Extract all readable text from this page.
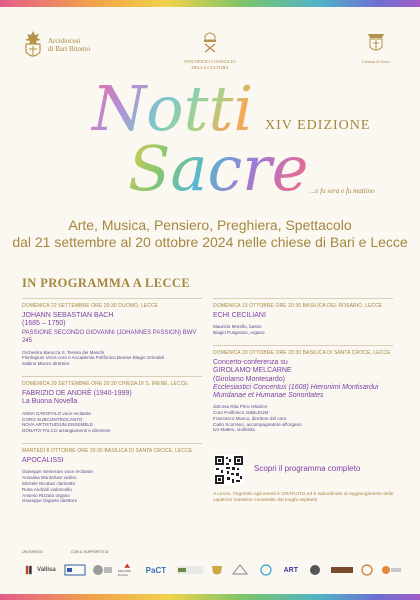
Arcidiocesi
di Bari Bitonto
PONTIFICIO CONSIGLIO
DELLA CULTURA
Cresima di Lecce
Notti
Sacre
XIV EDIZIONE
...e fu sera e fu mattino
Arte, Musica, Pensiero, Preghiera, Spettacolo
dal 21 settembre al 20 ottobre 2024 nelle chiese di Bari e Lecce
IN PROGRAMMA A LECCE
DOMENICA 22 SETTEMBRE ORE 20:30 DUOMO, LECCE
JOHANN SEBASTIAN BACH
(1685 – 1750)
PASSIONE SECONDO GIOVANNI (JOHANNES PASSION) BWV 245
Orchestra Barocca S. Teresa dei Maschi
Florilegium Vocis coro e Accademia Polifonica Barese Biagio Grimaldi
Sabino Manzo direttore
DOMENICA 29 SETTEMBRE ORE 20:30 CHIESA DI S. IRENE, LECCE
FABRIZIO DE ANDRÈ (1940-1999)
La Buona Novella
ANNA GAROFALO voce recitante
CORO SUBCONTROCANTO
NOVA ARTISTUDIUM ENSEMBLE
DONATO FALCO arrangiamenti e direzione
MARTEDÌ 8 OTTOBRE ORE 20:30 BASILICA DI SANTA CROCE, LECCE
APOCALISSI
Giuseppe Semeraro voce recitante
Annalisa Montefuso violino
Michele Nicolaci clarinetto
Rosa Andrioli violoncello
Antonio Rizzato organo
Giuseppe Gigante direttore
DOMENICA 13 OTTOBRE ORE 20:30 BASILICA DEL ROSARIO, LECCE
ECHI CECILIANI
Maurizio Morello, basso
Biagio Putignano, organo
DOMENICA 20 OTTOBRE ORE 20:30 BASILICA DI SANTA CROCE, LECCE
Concerto-conferenza su
GIROLAMO MELCARNE
(Girolamo Montesardo)
Ecclesiastici Concentus (1608) Hieronimi Montisardui
Mundanae et Humanae Sonoritates
dott.ssa Rita Pirro relatrice
Coro Polifonico JUBILEUM
Francesco Musco, direttore del coro
Carlo Scorrano, accompagnatore all'organo
Ivo Matteo, violinista
Scopri il programma completo
A Lecce, l'ingresso agli eventi è GRATUITO ed è subordinato al raggiungimento delle capienze massime consentite dai luoghi ospitanti
UN EVENTO	CON IL SUPPORTO DI
Vallisa	REGIONE PUGLIA
PaCT	ART
